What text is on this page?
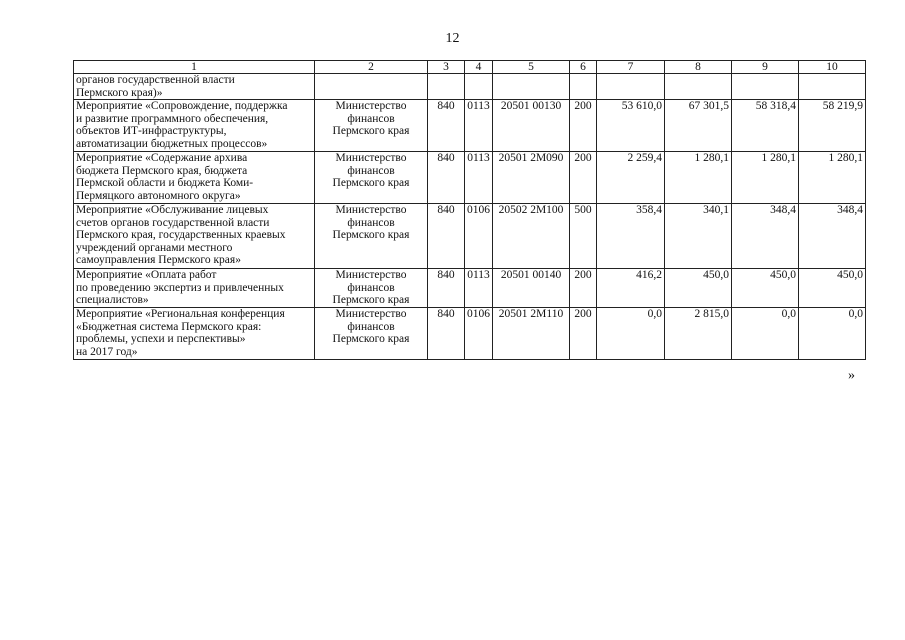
12
1	2	3	4	5	6	7	8	9	10
органов государственной власти
Пермского края)»									
Мероприятие «Сопровождение, поддержка
и развитие программного обеспечения,
объектов ИТ-инфраструктуры,
автоматизации бюджетных процессов»	Министерство
финансов
Пермского края	840	0113	20501 00130	200	53 610,0	67 301,5	58 318,4	58 219,9
Мероприятие «Содержание архива
бюджета Пермского края, бюджета
Пермской области и бюджета Коми-
Пермяцкого автономного округа»	Министерство
финансов
Пермского края	840	0113	20501 2М090	200	2 259,4	1 280,1	1 280,1	1 280,1
Мероприятие «Обслуживание лицевых
счетов органов государственной власти
Пермского края, государственных краевых
учреждений органами местного
самоуправления Пермского края»	Министерство
финансов
Пермского края	840	0106	20502 2М100	500	358,4	340,1	348,4	348,4
Мероприятие «Оплата работ
по проведению экспертиз и привлеченных
специалистов»	Министерство
финансов
Пермского края	840	0113	20501 00140	200	416,2	450,0	450,0	450,0
Мероприятие «Региональная конференция
«Бюджетная система Пермского края:
проблемы, успехи и перспективы»
на 2017 год»	Министерство
финансов
Пермского края	840	0106	20501 2М110	200	0,0	2 815,0	0,0	0,0
»
